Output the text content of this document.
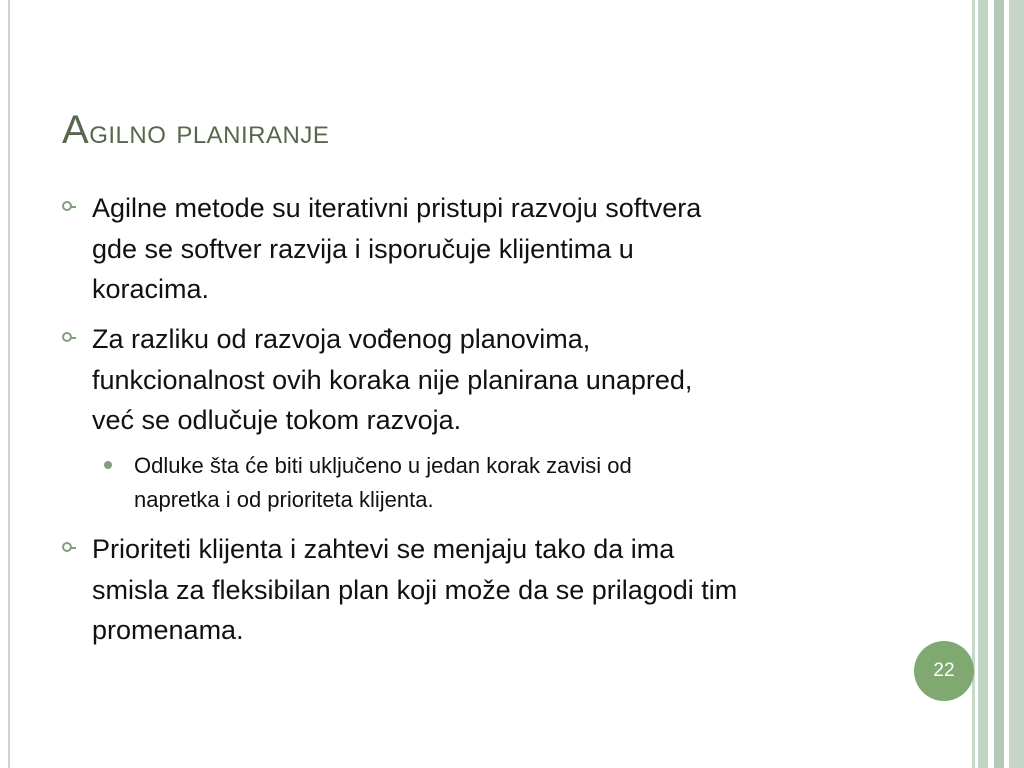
Agilno planiranje
Agilne metode su iterativni pristupi razvoju softvera
gde se softver razvija i isporučuje klijentima u
koracima.
Za razliku od razvoja vođenog planovima,
funkcionalnost ovih koraka nije planirana unapred,
već se odlučuje tokom razvoja.
Odluke šta će biti uključeno u jedan korak zavisi od
napretka i od prioriteta klijenta.
Prioriteti klijenta i zahtevi se menjaju tako da ima
smisla za fleksibilan plan koji može da se prilagodi tim
promenama.
22
